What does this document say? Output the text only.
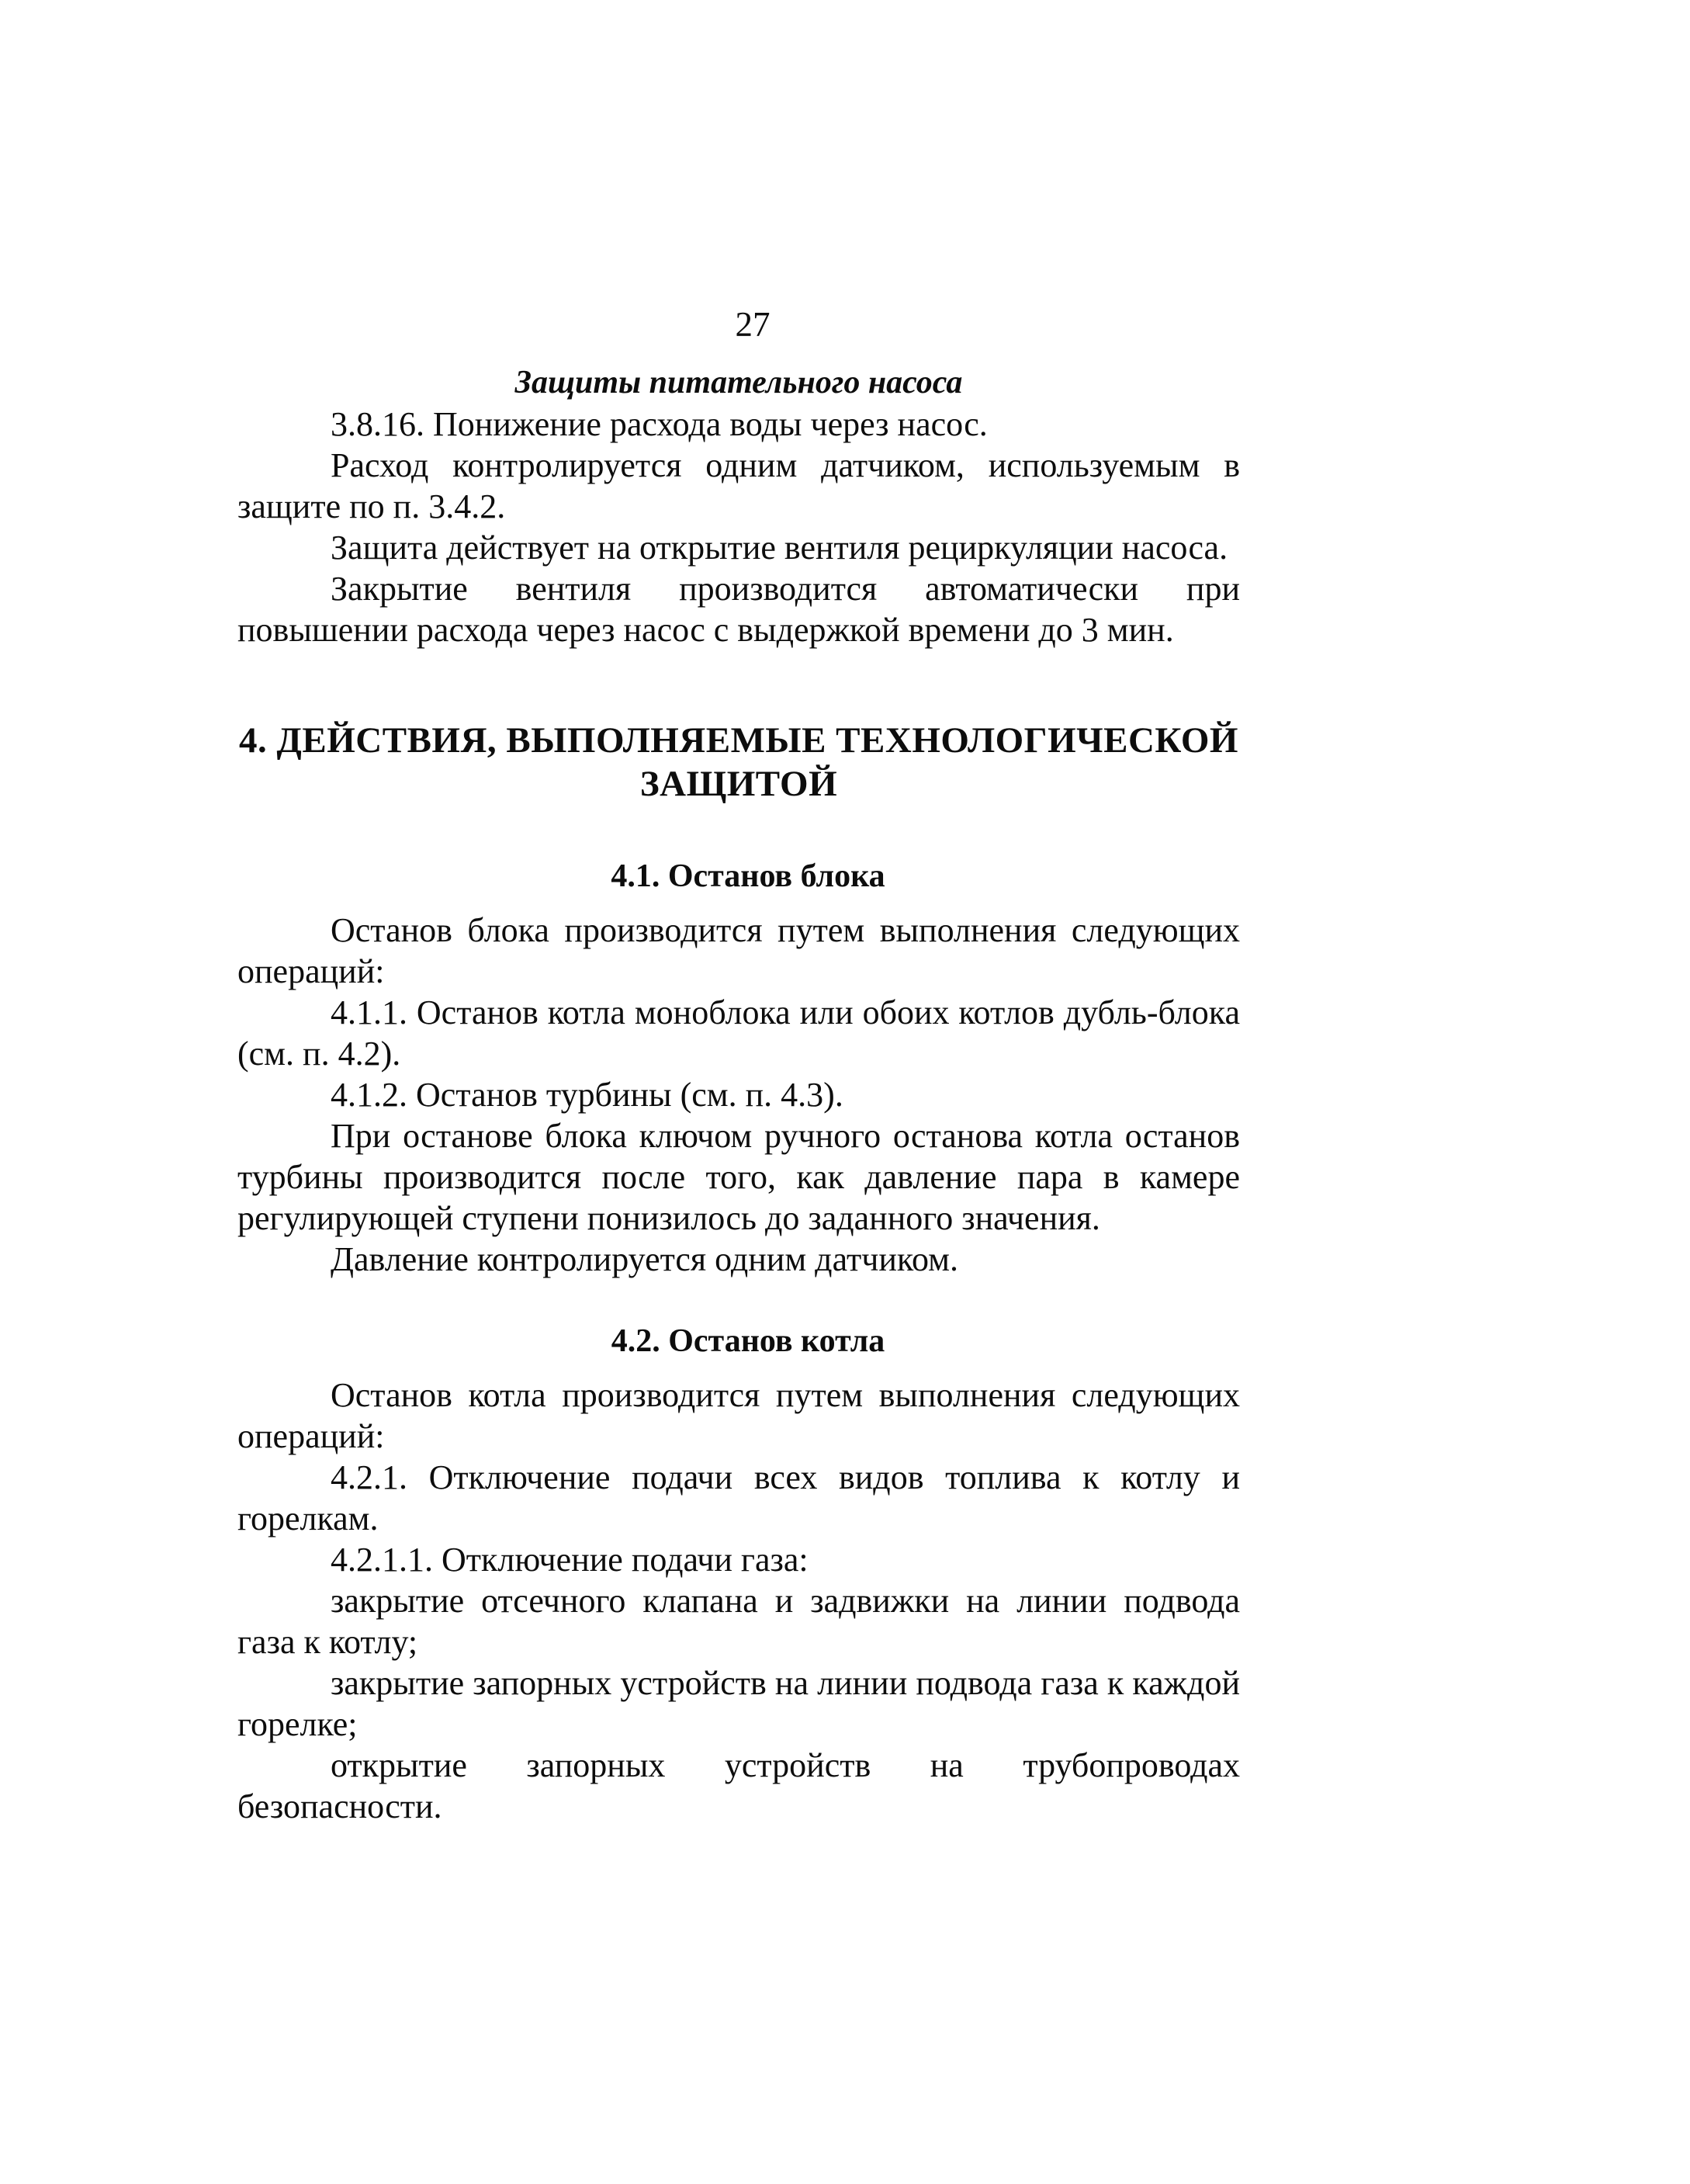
27
Защиты питательного насоса

3.8.16. Понижение расхода воды через насос.

Расход контролируется одним датчиком, используемым в защите по п. 3.4.2.

Защита действует на открытие вентиля рециркуляции насоса.

Закрытие вентиля производится автоматически при повышении расхода через насос с выдержкой времени до 3 мин.

4. ДЕЙСТВИЯ, ВЫПОЛНЯЕМЫЕ ТЕХНОЛОГИЧЕСКОЙ
ЗАЩИТОЙ
4.1. Останов блока

Останов блока производится путем выполнения следующих операций:

4.1.1. Останов котла моноблока или обоих котлов дубль-блока (см. п. 4.2).

4.1.2. Останов турбины (см. п. 4.3).

При останове блока ключом ручного останова котла останов турбины производится после того, как давление пара в камере регулирующей ступени понизилось до заданного значения.

Давление контролируется одним датчиком.

4.2. Останов котла

Останов котла производится путем выполнения следующих операций:

4.2.1. Отключение подачи всех видов топлива к котлу и горелкам.

4.2.1.1. Отключение подачи газа:

закрытие отсечного клапана и задвижки на линии подвода газа к котлу;

закрытие запорных устройств на линии подвода газа к каждой горелке;

открытие запорных устройств на трубопроводах безопасности.
